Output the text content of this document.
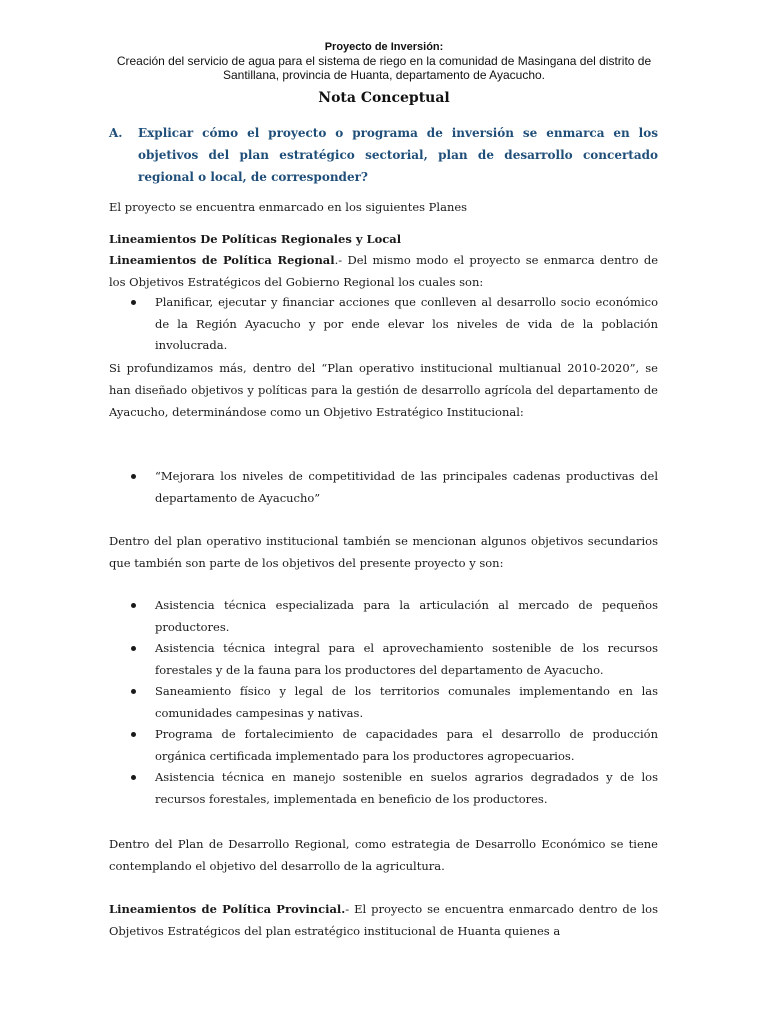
Proyecto de Inversión:
Creación del servicio de agua para el sistema de riego en la comunidad de Masingana del distrito de
Santillana, provincia de Huanta, departamento de Ayacucho.
Nota Conceptual
A. Explicar cómo el proyecto o programa de inversión se enmarca en los objetivos del plan estratégico sectorial, plan de desarrollo concertado regional o local, de corresponder?
El proyecto se encuentra enmarcado en los siguientes Planes
Lineamientos De Políticas Regionales y Local
Lineamientos de Política Regional.- Del mismo modo el proyecto se enmarca dentro de los Objetivos Estratégicos del Gobierno Regional los cuales son:
Planificar, ejecutar y financiar acciones que conlleven al desarrollo socio económico de la Región Ayacucho y por ende elevar los niveles de vida de la población involucrada.
Si profundizamos más, dentro del “Plan operativo institucional multianual 2010-2020”, se han diseñado objetivos y políticas para la gestión de desarrollo agrícola del departamento de Ayacucho, determinándose como un Objetivo Estratégico Institucional:
“Mejorara los niveles de competitividad de las principales cadenas productivas del departamento de Ayacucho”
Dentro del plan operativo institucional también se mencionan algunos objetivos secundarios que también son parte de los objetivos del presente proyecto y son:
Asistencia técnica especializada para la articulación al mercado de pequeños productores.
Asistencia técnica integral para el aprovechamiento sostenible de los recursos forestales y de la fauna para los productores del departamento de Ayacucho.
Saneamiento físico y legal de los territorios comunales implementando en las comunidades campesinas y nativas.
Programa de fortalecimiento de capacidades para el desarrollo de producción orgánica certificada implementado para los productores agropecuarios.
Asistencia técnica en manejo sostenible en suelos agrarios degradados y de los recursos forestales, implementada en beneficio de los productores.
Dentro del Plan de Desarrollo Regional, como estrategia de Desarrollo Económico se tiene contemplando el objetivo del desarrollo de la agricultura.
Lineamientos de Política Provincial.- El proyecto se encuentra enmarcado dentro de los Objetivos Estratégicos del plan estratégico institucional de Huanta quienes a
